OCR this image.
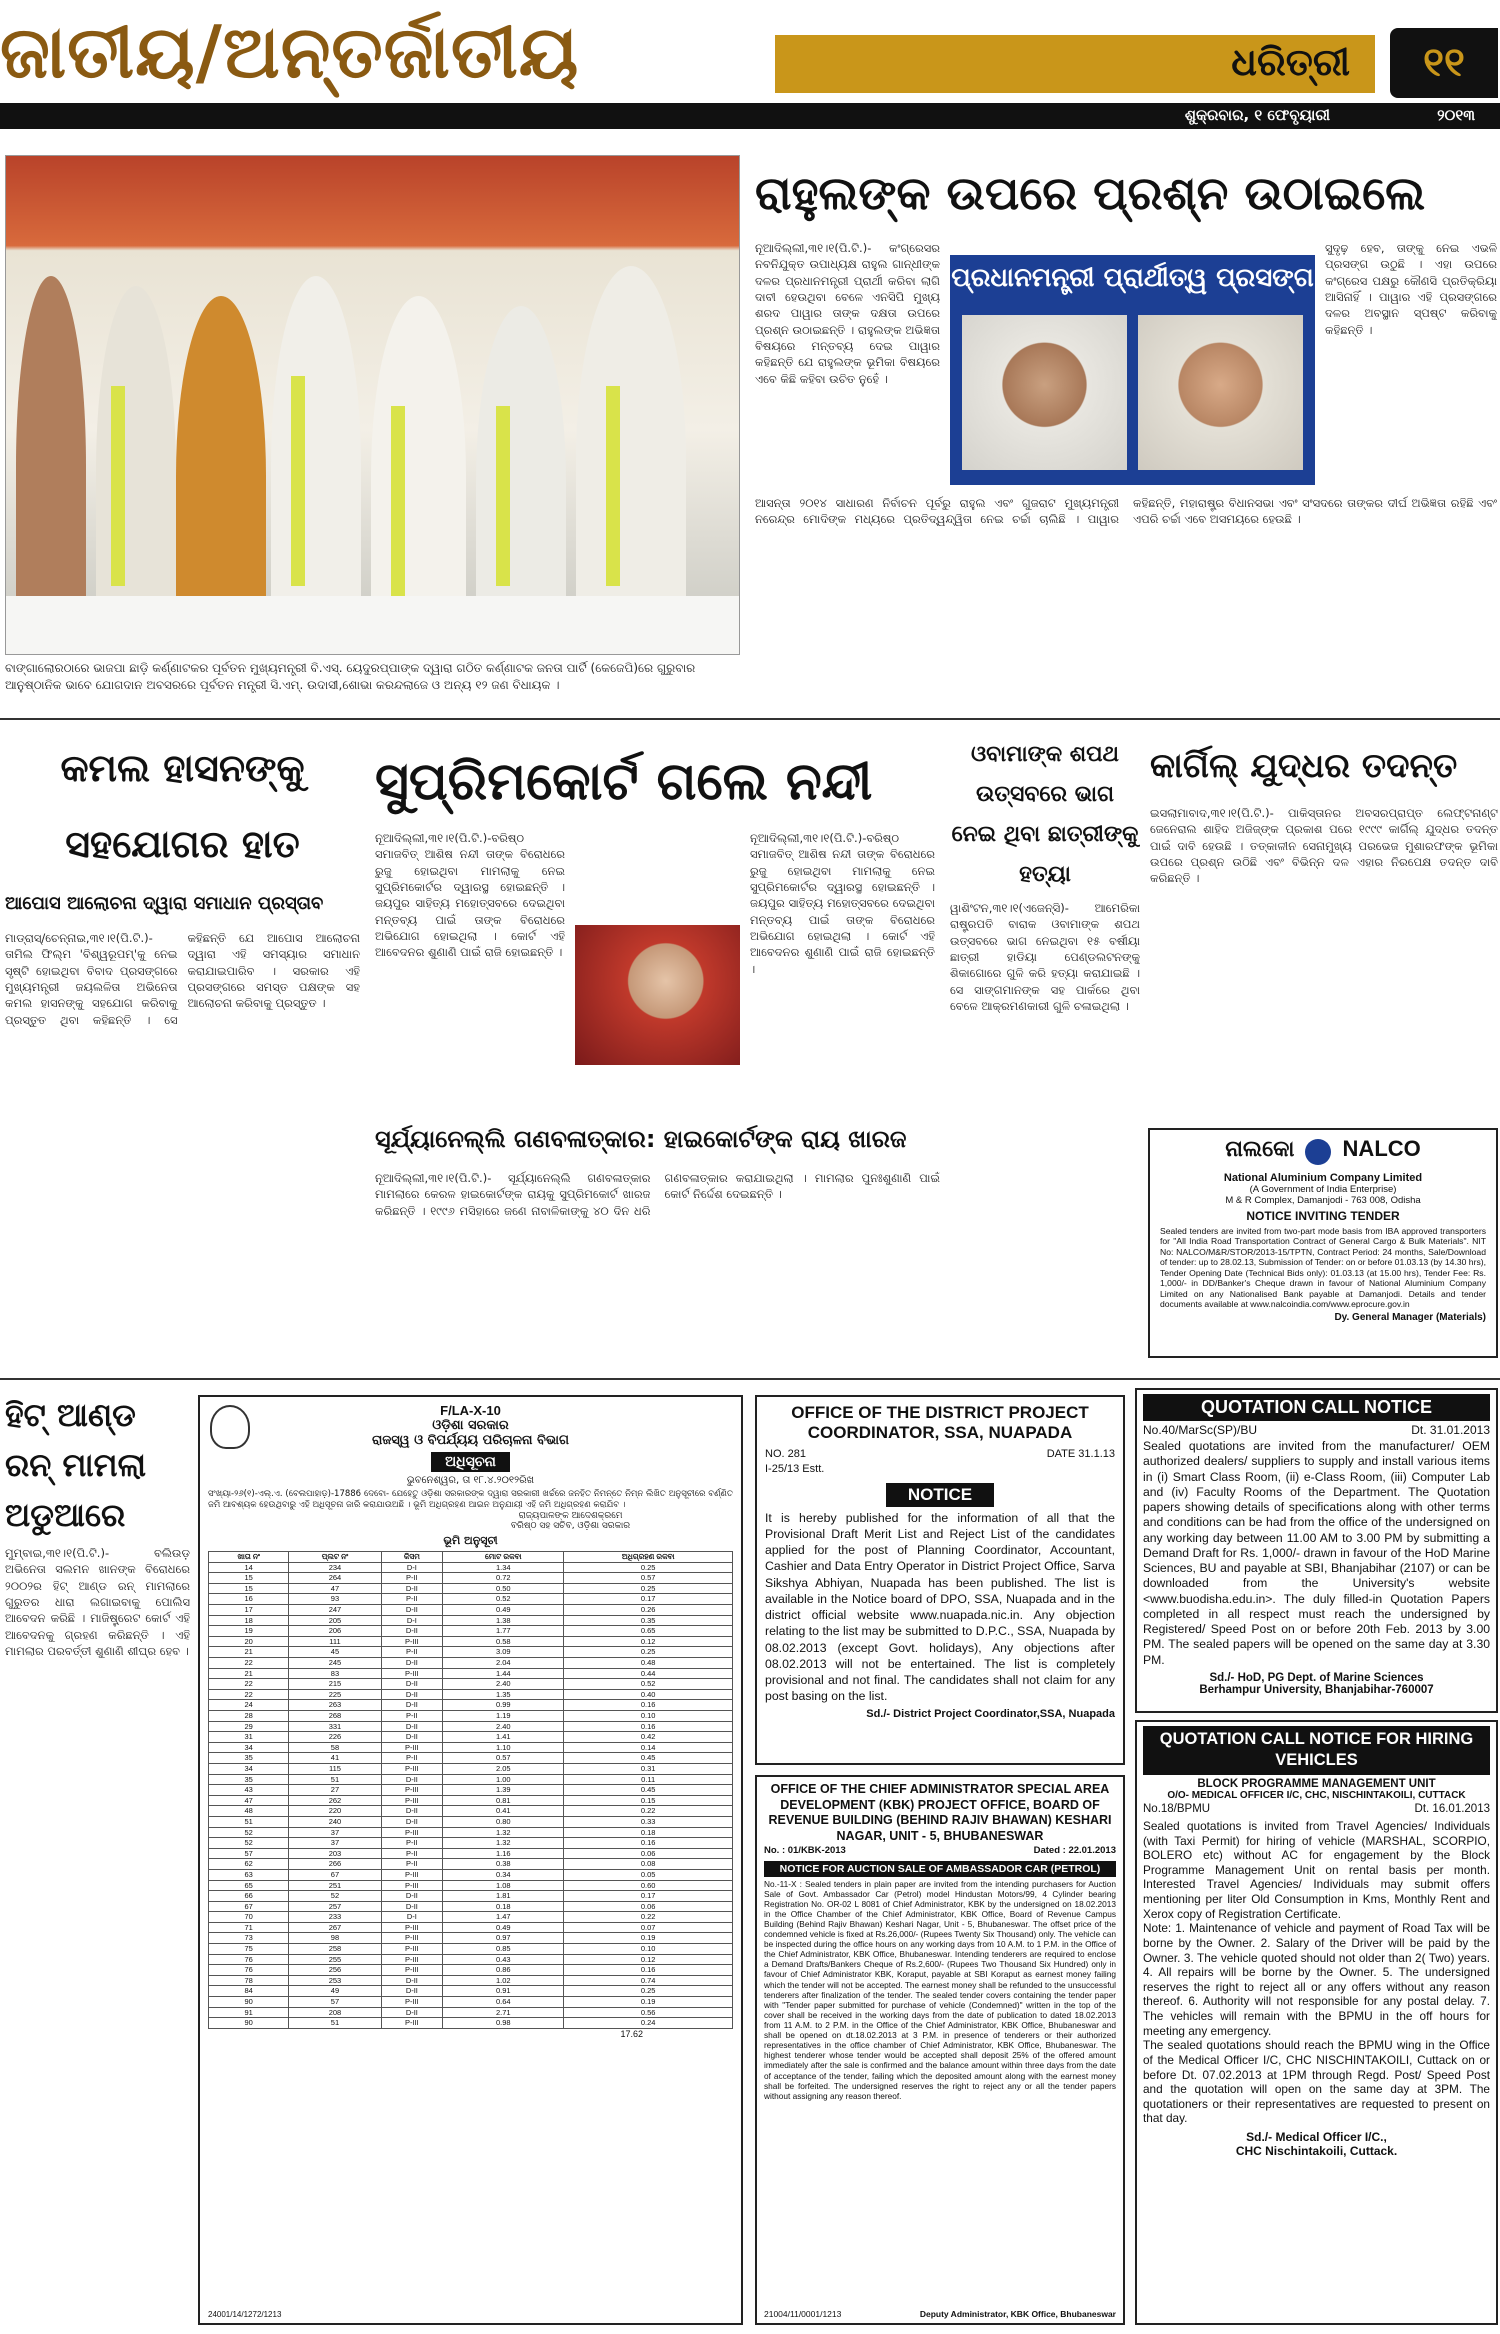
ଜାତୀୟ/ଅନ୍ତର୍ଜାତୀୟ	ଧରିତ୍ରୀ	୧୧
ଶୁକ୍ରବାର, ୧ ଫେବୃୟାରୀ	୨୦୧୩
ବାଙ୍ଗାଲୋରଠାରେ ଭାଜପା ଛାଡ଼ି କର୍ଣ୍ଣାଟକର ପୂର୍ବତନ ମୁଖ୍ୟମନ୍ତ୍ରୀ ବି.ଏସ୍. ୟେଦୁରପ୍ପାଙ୍କ ଦ୍ୱାରା ଗଠିତ କର୍ଣ୍ଣାଟକ ଜନତା ପାର୍ଟି (କେଜେପି)ରେ ଗୁରୁବାର ଆନୁଷ୍ଠାନିକ ଭାବେ ଯୋଗଦାନ ଅବସରରେ ପୂର୍ବତନ ମନ୍ତ୍ରୀ ସି.ଏମ୍. ଉଦାସୀ,ଶୋଭା କରନ୍ଦଲାଜେ ଓ ଅନ୍ୟ ୧୨ ଜଣ ବିଧାୟକ ।
ରାହୁଲଙ୍କ ଉପରେ ପ୍ରଶ୍ନ ଉଠାଇଲେ
ନୂଆଦିଲ୍ଲୀ,୩୧।୧(ପି.ଟି.)- କଂଗ୍ରେସର ନବନିଯୁକ୍ତ ଉପାଧ୍ୟକ୍ଷ ରାହୁଲ ଗାନ୍ଧୀଙ୍କ ଦଳର ପ୍ରଧାନମନ୍ତ୍ରୀ ପ୍ରାର୍ଥୀ କରିବା ଲାଗି ଦାବୀ ହେଉଥିବା ବେଳେ ଏନସିପି ମୁଖ୍ୟ ଶରଦ ପାୱାର ତାଙ୍କ ଦକ୍ଷତା ଉପରେ ପ୍ରଶ୍ନ ଉଠାଇଛନ୍ତି । ରାହୁଲଙ୍କ ଅଭିଜ୍ଞତା ବିଷୟରେ ମନ୍ତବ୍ୟ ଦେଇ ପାୱାର କହିଛନ୍ତି ଯେ ରାହୁଲଙ୍କ ଭୂମିକା ବିଷୟରେ ଏବେ କିଛି କହିବା ଉଚିତ ନୁହେଁ ।
ପ୍ରଧାନମନ୍ତ୍ରୀ ପ୍ରାର୍ଥୀତ୍ୱ ପ୍ରସଙ୍ଗ
ସୁଦୃଢ଼ ହେବ, ତାଙ୍କୁ ନେଇ ଏଭଳି ପ୍ରସଙ୍ଗ ଉଠୁଛି । ଏହା ଉପରେ କଂଗ୍ରେସ ପକ୍ଷରୁ କୌଣସି ପ୍ରତିକ୍ରିୟା ଆସିନାହିଁ । ପାୱାର ଏହି ପ୍ରସଙ୍ଗରେ ଦଳର ଅବସ୍ଥାନ ସ୍ପଷ୍ଟ କରିବାକୁ କହିଛନ୍ତି ।
ଆସନ୍ତା ୨୦୧୪ ସାଧାରଣ ନିର୍ବାଚନ ପୂର୍ବରୁ ରାହୁଲ ଏବଂ ଗୁଜରାଟ ମୁଖ୍ୟମନ୍ତ୍ରୀ ନରେନ୍ଦ୍ର ମୋଦିଙ୍କ ମଧ୍ୟରେ ପ୍ରତିଦ୍ୱନ୍ଦ୍ୱିତା ନେଇ ଚର୍ଚ୍ଚା ଚାଲିଛି । ପାୱାର କହିଛନ୍ତି, ମହାରାଷ୍ଟ୍ର ବିଧାନସଭା ଏବଂ ସଂସଦରେ ତାଙ୍କର ଦୀର୍ଘ ଅଭିଜ୍ଞତା ରହିଛି ଏବଂ ଏପରି ଚର୍ଚ୍ଚା ଏବେ ଅସମୟରେ ହେଉଛି ।
କମଲ ହାସନଙ୍କୁ ସହଯୋଗର ହାତ
ଆପୋସ ଆଲୋଚନା ଦ୍ୱାରା ସମାଧାନ ପ୍ରସ୍ତାବ
ମାଡ୍ରାସ୍/ଚେନ୍ନାଇ,୩୧।୧(ପି.ଟି.)- ତାମିଲ ଫିଲ୍ମ 'ବିଶ୍ୱରୂପମ୍'କୁ ନେଇ ସୃଷ୍ଟି ହୋଇଥିବା ବିବାଦ ପ୍ରସଙ୍ଗରେ ମୁଖ୍ୟମନ୍ତ୍ରୀ ଜୟଲଳିତା ଅଭିନେତା କମଲ ହାସନଙ୍କୁ ସହଯୋଗ କରିବାକୁ ପ୍ରସ୍ତୁତ ଥିବା କହିଛନ୍ତି । ସେ କହିଛନ୍ତି ଯେ ଆପୋସ ଆଲୋଚନା ଦ୍ୱାରା ଏହି ସମସ୍ୟାର ସମାଧାନ କରାଯାଇପାରିବ । ସରକାର ଏହି ପ୍ରସଙ୍ଗରେ ସମସ୍ତ ପକ୍ଷଙ୍କ ସହ ଆଲୋଚନା କରିବାକୁ ପ୍ରସ୍ତୁତ ।
ସୁପ୍ରିମକୋର୍ଟ ଗଲେ ନନ୍ଦୀ
ନୂଆଦିଲ୍ଲୀ,୩୧।୧(ପି.ଟି.)-ବରିଷ୍ଠ ସମାଜବିତ୍ ଆଶିଷ ନନ୍ଦୀ ତାଙ୍କ ବିରୋଧରେ ରୁଜୁ ହୋଇଥିବା ମାମଲାକୁ ନେଇ ସୁପ୍ରିମକୋର୍ଟର ଦ୍ୱାରସ୍ଥ ହୋଇଛନ୍ତି । ଜୟପୁର ସାହିତ୍ୟ ମହୋତ୍ସବରେ ଦେଇଥିବା ମନ୍ତବ୍ୟ ପାଇଁ ତାଙ୍କ ବିରୋଧରେ ଅଭିଯୋଗ ହୋଇଥିଲା । କୋର୍ଟ ଏହି ଆବେଦନର ଶୁଣାଣି ପାଇଁ ରାଜି ହୋଇଛନ୍ତି ।
ନୂଆଦିଲ୍ଲୀ,୩୧।୧(ପି.ଟି.)-ବରିଷ୍ଠ ସମାଜବିତ୍ ଆଶିଷ ନନ୍ଦୀ ତାଙ୍କ ବିରୋଧରେ ରୁଜୁ ହୋଇଥିବା ମାମଲାକୁ ନେଇ ସୁପ୍ରିମକୋର୍ଟର ଦ୍ୱାରସ୍ଥ ହୋଇଛନ୍ତି । ଜୟପୁର ସାହିତ୍ୟ ମହୋତ୍ସବରେ ଦେଇଥିବା ମନ୍ତବ୍ୟ ପାଇଁ ତାଙ୍କ ବିରୋଧରେ ଅଭିଯୋଗ ହୋଇଥିଲା । କୋର୍ଟ ଏହି ଆବେଦନର ଶୁଣାଣି ପାଇଁ ରାଜି ହୋଇଛନ୍ତି ।
ସୂର୍ଯ୍ୟାନେଲ୍ଲି ଗଣବଳାତ୍କାର: ହାଇକୋର୍ଟଙ୍କ ରାୟ ଖାରଜ
ନୂଆଦିଲ୍ଲୀ,୩୧।୧(ପି.ଟି.)- ସୂର୍ଯ୍ୟାନେଲ୍ଲି ଗଣବଳାତ୍କାର ମାମଲାରେ କେରଳ ହାଇକୋର୍ଟଙ୍କ ରାୟକୁ ସୁପ୍ରିମକୋର୍ଟ ଖାରଜ କରିଛନ୍ତି । ୧୯୯୬ ମସିହାରେ ଜଣେ ନାବାଳିକାଙ୍କୁ ୪୦ ଦିନ ଧରି ଗଣବଳାତ୍କାର କରାଯାଇଥିଲା । ମାମଲାର ପୁନଃଶୁଣାଣି ପାଇଁ କୋର୍ଟ ନିର୍ଦ୍ଦେଶ ଦେଇଛନ୍ତି ।
ଓବାମାଙ୍କ ଶପଥ ଉତ୍ସବରେ ଭାଗ ନେଇ ଥିବା ଛାତ୍ରୀଙ୍କୁ ହତ୍ୟା
ୱାଶିଂଟନ,୩୧।୧(ଏଜେନ୍ସି)- ଆମେରିକା ରାଷ୍ଟ୍ରପତି ବାରାକ ଓବାମାଙ୍କ ଶପଥ ଉତ୍ସବରେ ଭାଗ ନେଇଥିବା ୧୫ ବର୍ଷୀୟା ଛାତ୍ରୀ ହାଡିୟା ପେଣ୍ଡଲଟନଙ୍କୁ ଶିକାଗୋରେ ଗୁଳି କରି ହତ୍ୟା କରାଯାଇଛି । ସେ ସାଙ୍ଗମାନଙ୍କ ସହ ପାର୍କରେ ଥିବା ବେଳେ ଆକ୍ରମଣକାରୀ ଗୁଳି ଚଳାଇଥିଲା ।
କାର୍ଗିଲ୍ ଯୁଦ୍ଧର ତଦନ୍ତ
ଇସଲାମାବାଦ,୩୧।୧(ପି.ଟି.)- ପାକିସ୍ତାନର ଅବସରପ୍ରାପ୍ତ ଲେଫ୍ଟନାଣ୍ଟ ଜେନେରାଲ ଶାହିଦ ଅଜିଜ୍‌ଙ୍କ ପ୍ରକାଶ ପରେ ୧୯୯୯ କାର୍ଗିଲ୍ ଯୁଦ୍ଧର ତଦନ୍ତ ପାଇଁ ଦାବି ହେଉଛି । ତତ୍କାଳୀନ ସେନାମୁଖ୍ୟ ପରଭେଜ ମୁଶାରଫଙ୍କ ଭୂମିକା ଉପରେ ପ୍ରଶ୍ନ ଉଠିଛି ଏବଂ ବିଭିନ୍ନ ଦଳ ଏହାର ନିରପେକ୍ଷ ତଦନ୍ତ ଦାବି କରିଛନ୍ତି ।
ନାଲକୋ NALCO
National Aluminium Company Limited
(A Government of India Enterprise)
M & R Complex, Damanjodi - 763 008, Odisha
NOTICE INVITING TENDER
Sealed tenders are invited from two-part mode basis from IBA approved transporters for "All India Road Transportation Contract of General Cargo & Bulk Materials". NIT No: NALCO/M&R/STOR/2013-15/TPTN, Contract Period: 24 months, Sale/Download of tender: up to 28.02.13, Submission of Tender: on or before 01.03.13 (by 14.30 hrs), Tender Opening Date (Technical Bids only): 01.03.13 (at 15.00 hrs), Tender Fee: Rs. 1,000/- in DD/Banker's Cheque drawn in favour of National Aluminium Company Limited on any Nationalised Bank payable at Damanjodi. Details and tender documents available at www.nalcoindia.com/www.eprocure.gov.in
Dy. General Manager (Materials)
ହିଟ୍ ଆଣ୍ଡ ରନ୍ ମାମଲା ଅଡୁଆରେ
ମୁମ୍ବାଇ,୩୧।୧(ପି.ଟି.)- ବଲିଉଡ଼ ଅଭିନେତା ସଲମନ ଖାନଙ୍କ ବିରୋଧରେ ୨୦୦୨ର ହିଟ୍ ଆଣ୍ଡ ରନ୍ ମାମଲାରେ ଗୁରୁତର ଧାରା ଲଗାଇବାକୁ ପୋଲିସ ଆବେଦନ କରିଛି । ମାଜିଷ୍ଟ୍ରେଟ କୋର୍ଟ ଏହି ଆବେଦନକୁ ଗ୍ରହଣ କରିଛନ୍ତି । ଏହି ମାମଲାର ପରବର୍ତ୍ତୀ ଶୁଣାଣି ଶୀଘ୍ର ହେବ ।
F/LA-X-10
ଓଡ଼ିଶା ସରକାର
ରାଜସ୍ୱ ଓ ବିପର୍ଯ୍ୟୟ ପରିଚାଳନା ବିଭାଗ
ଅଧିସୂଚନା
ଭୁବନେଶ୍ୱର, ତା ୧୮.୪.୨୦୧୨ରିଖ
ସଂଖ୍ୟା-୨୬(୧)-ଏଲ୍.ଏ. (ବେଲପାହାଡ଼)-17886 ଦେବୋ- ଯେହେତୁ ଓଡ଼ିଶା ସରକାରଙ୍କ ଦ୍ୱାରା ସରକାରୀ ଖର୍ଚ୍ଚରେ ଜନହିତ ନିମନ୍ତେ ନିମ୍ନ ଲିଖିତ ଅନୁସୂଚୀରେ ବର୍ଣ୍ଣିତ ଜମି ଆବଶ୍ୟକ ହେଉଥିବାରୁ ଏହି ଅଧିସୂଚନା ଜାରି କରାଯାଉଅଛି । ଭୂମି ଅଧିଗ୍ରହଣ ଆଇନ ଅନୁଯାୟୀ ଏହି ଜମି ଅଧିଗ୍ରହଣ କରାଯିବ ।
ରାଜ୍ୟପାଳଙ୍କ ଆଦେଶକ୍ରମେ
ବରିଷ୍ଠ ସହ ସଚିବ, ଓଡ଼ିଶା ସରକାର
ଭୂମି ଅନୁସୂଚୀ
ଖାତା ନଂ	ପ୍ଲଟ ନଂ	କିସମ	ମୋଟ ରକବା	ଅଧିଗ୍ରହଣ ରକବା
14	234	D-I	1.34	0.25
15	264	P-II	0.72	0.57
15	47	D-II	0.50	0.25
16	93	P-II	0.52	0.17
17	247	D-II	0.49	0.26
18	205	D-I	1.38	0.35
19	206	D-II	1.77	0.65
20	111	P-III	0.58	0.12
21	45	P-II	3.09	0.25
22	245	D-II	2.04	0.48
21	83	P-III	1.44	0.44
22	215	D-II	2.40	0.52
22	225	D-II	1.35	0.40
24	263	D-II	0.99	0.16
28	268	P-II	1.19	0.10
29	331	D-II	2.40	0.16
31	226	D-II	1.41	0.42
34	58	P-III	1.10	0.14
35	41	P-II	0.57	0.45
34	115	P-III	2.05	0.31
35	51	D-II	1.00	0.11
43	27	P-III	1.39	0.45
47	262	P-III	0.81	0.15
48	220	D-II	0.41	0.22
51	240	D-II	0.80	0.33
52	37	P-III	1.32	0.18
52	37	P-II	1.32	0.16
57	203	P-II	1.16	0.06
62	266	P-II	0.38	0.08
63	67	P-III	0.34	0.05
65	251	P-III	1.08	0.60
66	52	D-II	1.81	0.17
67	257	D-II	0.18	0.06
70	233	D-I	1.47	0.22
71	267	P-III	0.49	0.07
73	98	P-III	0.97	0.19
75	258	P-III	0.85	0.10
76	255	P-III	0.43	0.12
76	256	P-III	0.86	0.16
78	253	D-II	1.02	0.74
84	49	D-II	0.91	0.25
90	57	P-III	0.64	0.19
91	208	D-II	2.71	0.56
90	51	P-III	0.98	0.24
17.62
24001/14/1272/1213
OFFICE OF THE DISTRICT PROJECT COORDINATOR, SSA, NUAPADA
NO. 281
I-25/13 Estt.
DATE 31.1.13
NOTICE
It is hereby published for the information of all that the Provisional Draft Merit List and Reject List of the candidates applied for the post of Planning Coordinator, Accountant, Cashier and Data Entry Operator in District Project Office, Sarva Sikshya Abhiyan, Nuapada has been published. The list is available in the Notice board of DPO, SSA, Nuapada and in the district official website www.nuapada.nic.in. Any objection relating to the list may be submitted to D.P.C., SSA, Nuapada by 08.02.2013 (except Govt. holidays), Any objections after 08.02.2013 will not be entertained. The list is completely provisional and not final. The candidates shall not claim for any post basing on the list.
Sd./- District Project Coordinator,SSA, Nuapada
OFFICE OF THE CHIEF ADMINISTRATOR SPECIAL AREA DEVELOPMENT (KBK) PROJECT OFFICE, BOARD OF REVENUE BUILDING (BEHIND RAJIV BHAWAN) KESHARI NAGAR, UNIT - 5, BHUBANESWAR
No. : 01/KBK-2013	Dated : 22.01.2013
NOTICE FOR AUCTION SALE OF AMBASSADOR CAR (PETROL)
No.-11-X : Sealed tenders in plain paper are invited from the intending purchasers for Auction Sale of Govt. Ambassador Car (Petrol) model Hindustan Motors/99, 4 Cylinder bearing Registration No. OR-02 L 8081 of Chief Administrator, KBK by the undersigned on 18.02.2013 in the Office Chamber of the Chief Administrator, KBK Office, Board of Revenue Campus Building (Behind Rajiv Bhawan) Keshari Nagar, Unit - 5, Bhubaneswar. The offset price of the condemned vehicle is fixed at Rs.26,000/- (Rupees Twenty Six Thousand) only. The vehicle can be inspected during the office hours on any working days from 10 A.M. to 1 P.M. in the Office of the Chief Administrator, KBK Office, Bhubaneswar. Intending tenderers are required to enclose a Demand Drafts/Bankers Cheque of Rs.2,600/- (Rupees Two Thousand Six Hundred) only in favour of Chief Administrator KBK, Koraput, payable at SBI Koraput as earnest money failing which the tender will not be accepted. The earnest money shall be refunded to the unsuccessful tenderers after finalization of the tender. The sealed tender covers containing the tender paper with "Tender paper submitted for purchase of vehicle (Condemned)" written in the top of the cover shall be received in the working days from the date of publication to dated 18.02.2013 from 11 A.M. to 2 P.M. in the Office of the Chief Administrator, KBK Office, Bhubaneswar and shall be opened on dt.18.02.2013 at 3 P.M. in presence of tenderers or their authorized representatives in the office chamber of Chief Administrator, KBK Office, Bhubaneswar. The highest tenderer whose tender would be accepted shall deposit 25% of the offered amount immediately after the sale is confirmed and the balance amount within three days from the date of acceptance of the tender, failing which the deposited amount along with the earnest money shall be forfeited. The undersigned reserves the right to reject any or all the tender papers without assigning any reason thereof.
21004/11/0001/1213	Deputy Administrator, KBK Office, Bhubaneswar
QUOTATION CALL NOTICE
No.40/MarSc(SP)/BU	Dt. 31.01.2013
Sealed quotations are invited from the manufacturer/ OEM authorized dealers/ suppliers to supply and install various items in (i) Smart Class Room, (ii) e-Class Room, (iii) Computer Lab and (iv) Faculty Rooms of the Department. The Quotation papers showing details of specifications along with other terms and conditions can be had from the office of the undersigned on any working day between 11.00 AM to 3.00 PM by submitting a Demand Draft for Rs. 1,000/- drawn in favour of the HoD Marine Sciences, BU and payable at SBI, Bhanjabihar (2107) or can be downloaded from the University's website <www.buodisha.edu.in>. The duly filled-in Quotation Papers completed in all respect must reach the undersigned by Registered/ Speed Post on or before 20th Feb. 2013 by 3.00 PM. The sealed papers will be opened on the same day at 3.30 PM.
Sd./- HoD, PG Dept. of Marine Sciences
Berhampur University, Bhanjabihar-760007
QUOTATION CALL NOTICE FOR HIRING VEHICLES
BLOCK PROGRAMME MANAGEMENT UNIT
O/O- MEDICAL OFFICER I/C, CHC, NISCHINTAKOILI, CUTTACK
No.18/BPMU	Dt. 16.01.2013
Sealed quotations is invited from Travel Agencies/ Individuals (with Taxi Permit) for hiring of vehicle (MARSHAL, SCORPIO, BOLERO etc) without AC for engagement by the Block Programme Management Unit on rental basis per month. Interested Travel Agencies/ Individuals may submit offers mentioning per liter Old Consumption in Kms, Monthly Rent and Xerox copy of Registration Certificate.
Note: 1. Maintenance of vehicle and payment of Road Tax will be borne by the Owner. 2. Salary of the Driver will be paid by the Owner. 3. The vehicle quoted should not older than 2( Two) years. 4. All repairs will be borne by the Owner. 5. The undersigned reserves the right to reject all or any offers without any reason thereof. 6. Authority will not responsible for any postal delay. 7. The vehicles will remain with the BPMU in the off hours for meeting any emergency.
The sealed quotations should reach the BPMU wing in the Office of the Medical Officer I/C, CHC NISCHINTAKOILI, Cuttack on or before Dt. 07.02.2013 at 1PM through Regd. Post/ Speed Post and the quotation will open on the same day at 3PM. The quotationers or their representatives are requested to present on that day.
Sd./- Medical Officer I/C.,
CHC Nischintakoili, Cuttack.
